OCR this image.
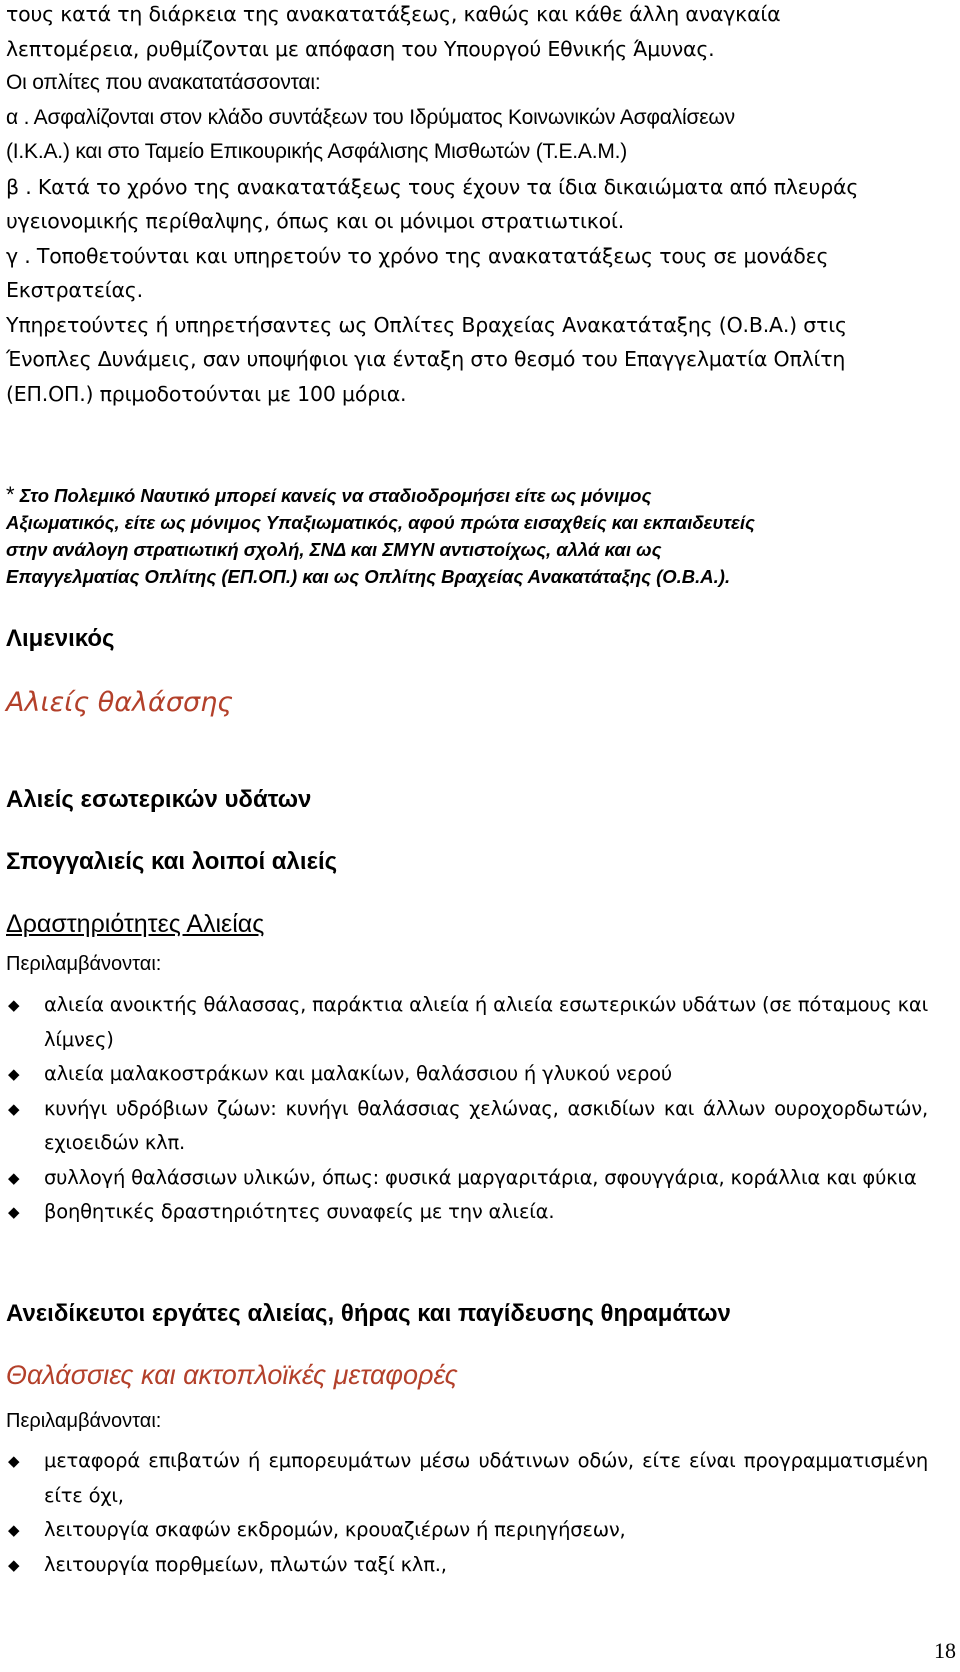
τους κατά τη διάρκεια της ανακατατάξεως, καθώς και κάθε άλλη αναγκαία
λεπτομέρεια, ρυθμίζονται με απόφαση του Υπουργού Εθνικής Άμυνας.
Οι οπλίτες που ανακατατάσσονται:
α . Ασφαλίζονται στον κλάδο συντάξεων του Ιδρύματος Κοινωνικών Ασφαλίσεων
(Ι.Κ.Α.) και στο Ταμείο Επικουρικής Ασφάλισης Μισθωτών (Τ.Ε.Α.Μ.)
β . Κατά το χρόνο της ανακατατάξεως τους έχουν τα ίδια δικαιώματα από πλευράς
υγειονομικής περίθαλψης, όπως και οι μόνιμοι στρατιωτικοί.
γ . Τοποθετούνται και υπηρετούν το χρόνο της ανακατατάξεως τους σε μονάδες
Εκστρατείας.
Υπηρετούντες ή υπηρετήσαντες ως Οπλίτες Βραχείας Ανακατάταξης (Ο.Β.Α.) στις
Ένοπλες Δυνάμεις, σαν υποψήφιοι για ένταξη στο θεσμό του Επαγγελματία Οπλίτη
(ΕΠ.ΟΠ.) πριμοδοτούνται με 100 μόρια.
* Στο Πολεμικό Ναυτικό μπορεί κανείς να σταδιοδρομήσει είτε ως μόνιμος
Αξιωματικός, είτε ως μόνιμος Υπαξιωματικός, αφού πρώτα εισαχθείς και εκπαιδευτείς
στην ανάλογη στρατιωτική σχολή, ΣΝΔ και ΣΜΥΝ αντιστοίχως, αλλά και ως
Επαγγελματίας Οπλίτης (ΕΠ.ΟΠ.) και ως Οπλίτης Βραχείας Ανακατάταξης (Ο.Β.Α.).
Λιμενικός
Αλιείς θαλάσσης
Αλιείς εσωτερικών υδάτων
Σπογγαλιείς και λοιποί αλιείς
Δραστηριότητες Αλιείας
Περιλαμβάνονται:
◆ αλιεία ανοικτής θάλασσας, παράκτια αλιεία ή αλιεία εσωτερικών υδάτων (σε πόταμους και λίμνες)
◆ αλιεία μαλακοστράκων και μαλακίων, θαλάσσιου ή γλυκού νερού
◆ κυνήγι υδρόβιων ζώων: κυνήγι θαλάσσιας χελώνας, ασκιδίων και άλλων ουροχορδωτών, εχιοειδών κλπ.
◆ συλλογή θαλάσσιων υλικών, όπως: φυσικά μαργαριτάρια, σφουγγάρια, κοράλλια και φύκια
◆ βοηθητικές δραστηριότητες συναφείς με την αλιεία.
Ανειδίκευτοι εργάτες αλιείας, θήρας και παγίδευσης θηραμάτων
Θαλάσσιες και ακτοπλοϊκές μεταφορές
Περιλαμβάνονται:
◆ μεταφορά επιβατών ή εμπορευμάτων μέσω υδάτινων οδών, είτε είναι προγραμματισμένη είτε όχι,
◆ λειτουργία σκαφών εκδρομών, κρουαζιέρων ή περιηγήσεων,
◆ λειτουργία πορθμείων, πλωτών ταξί κλπ.,
18
